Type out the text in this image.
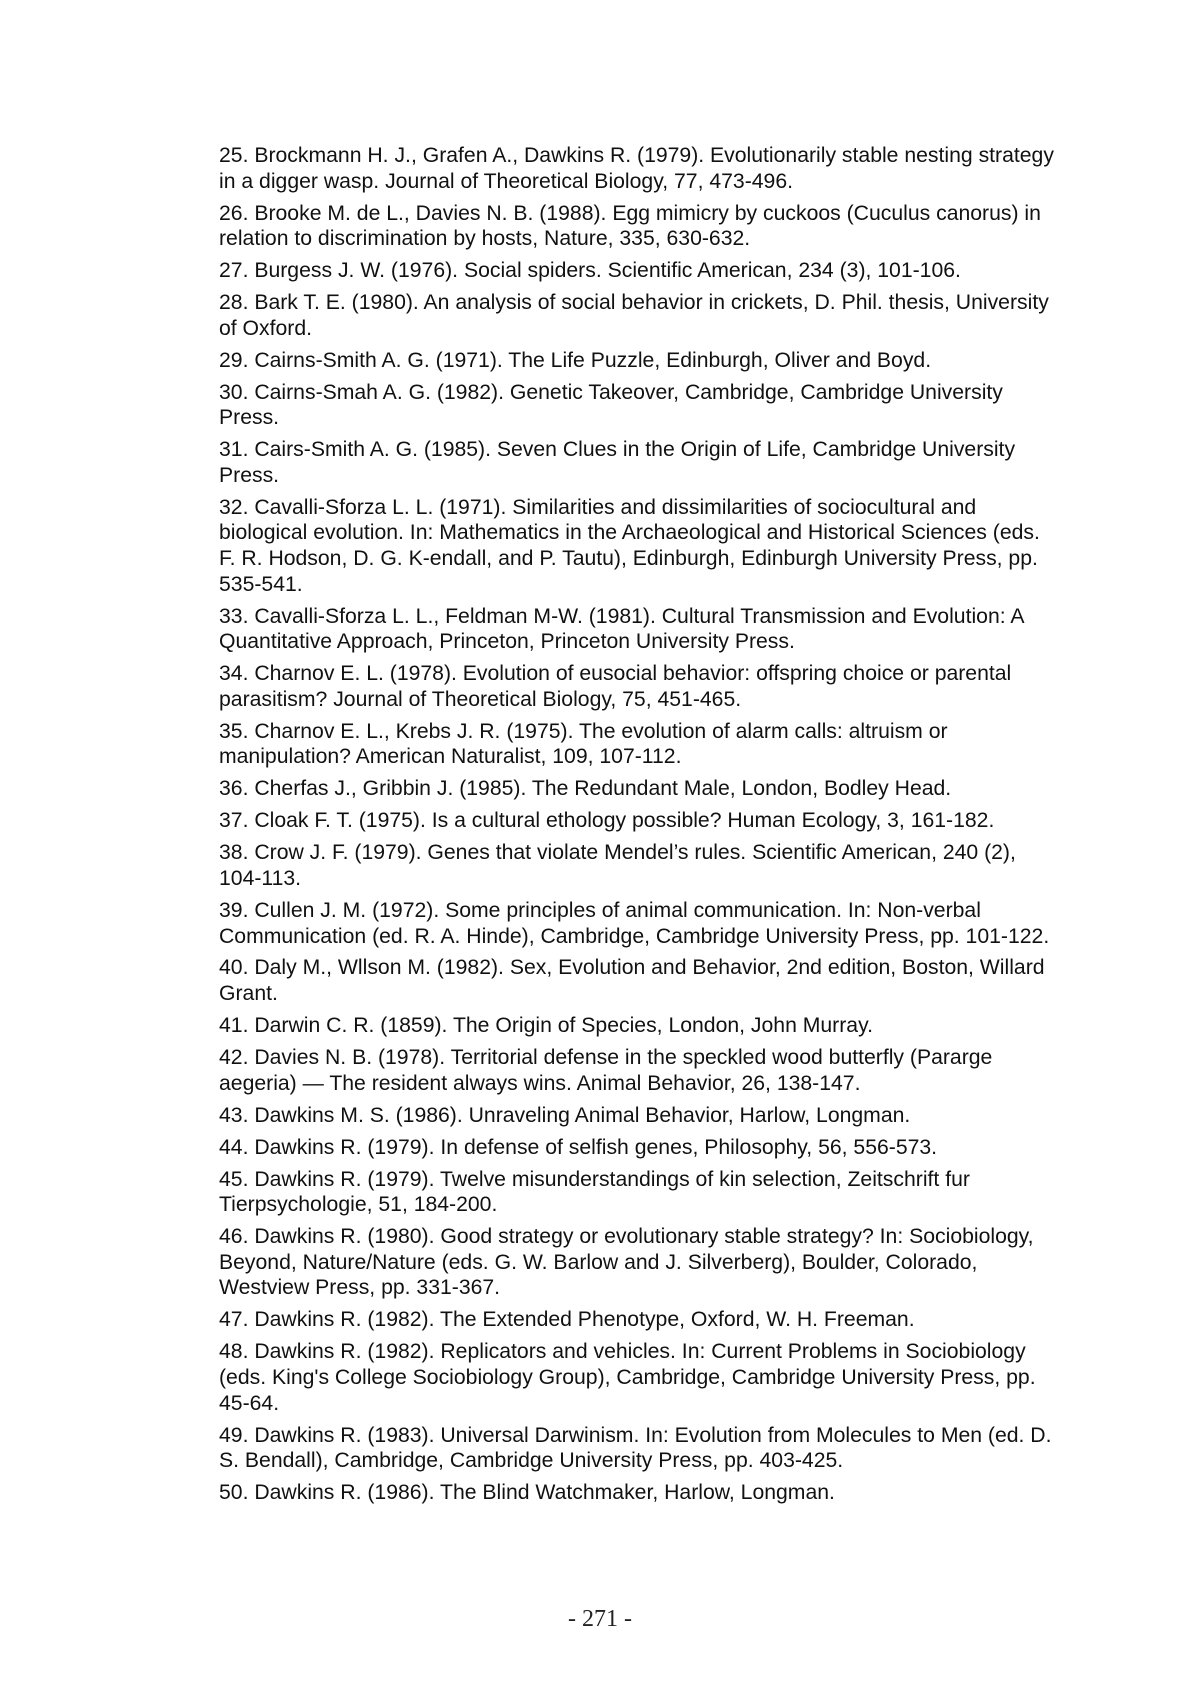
25. Brockmann H. J., Grafen A., Dawkins R. (1979). Evolutionarily stable nesting strategy in a digger wasp. Journal of Theoretical Biology, 77, 473-496.
26. Brooke M. de L., Davies N. B. (1988). Egg mimicry by cuckoos (Cuculus canorus) in relation to discrimination by hosts, Nature, 335, 630-632.
27. Burgess J. W. (1976). Social spiders. Scientific American, 234 (3), 101-106.
28. Bark T. E. (1980). An analysis of social behavior in crickets, D. Phil. thesis, University of Oxford.
29. Cairns-Smith A. G. (1971). The Life Puzzle, Edinburgh, Oliver and Boyd.
30. Cairns-Smah A. G. (1982). Genetic Takeover, Cambridge, Cambridge University Press.
31. Cairs-Smith A. G. (1985). Seven Clues in the Origin of Life, Cambridge University Press.
32. Cavalli-Sforza L. L. (1971). Similarities and dissimilarities of sociocultural and biological evolution. In: Mathematics in the Archaeological and Historical Sciences (eds. F. R. Hodson, D. G. K-endall, and P. Tautu), Edinburgh, Edinburgh University Press, pp. 535-541.
33. Cavalli-Sforza L. L., Feldman M-W. (1981). Cultural Transmission and Evolution: A Quantitative Approach, Princeton, Princeton University Press.
34. Charnov E. L. (1978). Evolution of eusocial behavior: offspring choice or parental parasitism? Journal of Theoretical Biology, 75, 451-465.
35. Charnov E. L., Krebs J. R. (1975). The evolution of alarm calls: altruism or manipulation? American Naturalist, 109, 107-112.
36. Cherfas J., Gribbin J. (1985). The Redundant Male, London, Bodley Head.
37. Cloak F. T. (1975). Is a cultural ethology possible? Human Ecology, 3, 161-182.
38. Crow J. F. (1979). Genes that violate Mendel’s rules. Scientific American, 240 (2), 104-113.
39. Cullen J. M. (1972). Some principles of animal communication. In: Non-verbal Communication (ed. R. A. Hinde), Cambridge, Cambridge University Press, pp. 101-122.
40. Daly M., Wllson M. (1982). Sex, Evolution and Behavior, 2nd edition, Boston, Willard Grant.
41. Darwin C. R. (1859). The Origin of Species, London, John Murray.
42. Davies N. B. (1978). Territorial defense in the speckled wood butterfly (Pararge aegeria) — The resident always wins. Animal Behavior, 26, 138-147.
43. Dawkins M. S. (1986). Unraveling Animal Behavior, Harlow, Longman.
44. Dawkins R. (1979). In defense of selfish genes, Philosophy, 56, 556-573.
45. Dawkins R. (1979). Twelve misunderstandings of kin selection, Zeitschrift fur Tierpsychologie, 51, 184-200.
46. Dawkins R. (1980). Good strategy or evolutionary stable strategy? In: Sociobiology, Beyond, Nature/Nature (eds. G. W. Barlow and J. Silverberg), Boulder, Colorado, Westview Press, pp. 331-367.
47. Dawkins R. (1982). The Extended Phenotype, Oxford, W. H. Freeman.
48. Dawkins R. (1982). Replicators and vehicles. In: Current Problems in Sociobiology (eds. King's College Sociobiology Group), Cambridge, Cambridge University Press, pp. 45-64.
49. Dawkins R. (1983). Universal Darwinism. In: Evolution from Molecules to Men (ed. D. S. Bendall), Cambridge, Cambridge University Press, pp. 403-425.
50. Dawkins R. (1986). The Blind Watchmaker, Harlow, Longman.
- 271 -
